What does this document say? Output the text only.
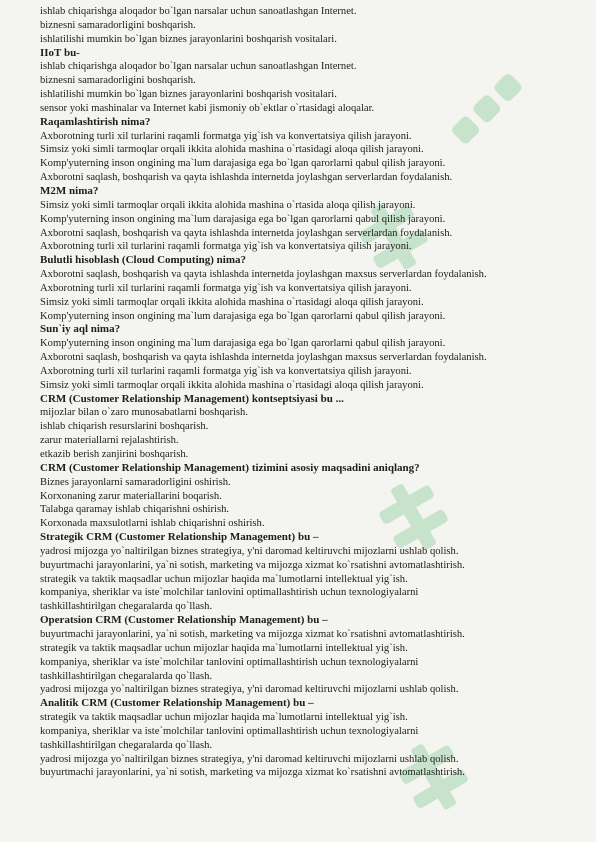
ishlab chiqarishga aloqador bo`lgan narsalar uchun sanoatlashgan Internet.
biznesni samaradorligini boshqarish.
ishlatilishi mumkin bo`lgan biznes jarayonlarini boshqarish vositalari.
IIoT bu-
ishlab chiqarishga aloqador bo`lgan narsalar uchun sanoatlashgan Internet.
biznesni samaradorligini boshqarish.
ishlatilishi mumkin bo`lgan biznes jarayonlarini boshqarish vositalari.
sensor yoki mashinalar va Internet kabi jismoniy ob`ektlar o`rtasidagi aloqalar.
Raqamlashtirish nima?
Axborotning turli xil turlarini raqamli formatga yig`ish va konvertatsiya qilish jarayoni.
Simsiz yoki simli tarmoqlar orqali ikkita alohida mashina o`rtasidagi aloqa qilish jarayoni.
Komp'yuterning inson ongining ma`lum darajasiga ega bo`lgan qarorlarni qabul qilish jarayoni.
Axborotni saqlash, boshqarish va qayta ishlashda internetda joylashgan serverlardan foydalanish.
M2M nima?
Simsiz yoki simli tarmoqlar orqali ikkita alohida mashina o`rtasida aloqa qilish jarayoni.
Komp'yuterning inson ongining ma`lum darajasiga ega bo`lgan qarorlarni qabul qilish jarayoni.
Axborotni saqlash, boshqarish va qayta ishlashda internetda joylashgan serverlardan foydalanish.
Axborotning turli xil turlarini raqamli formatga yig`ish va konvertatsiya qilish jarayoni.
Bulutli hisoblash (Cloud Computing) nima?
Axborotni saqlash, boshqarish va qayta ishlashda internetda joylashgan maxsus serverlardan foydalanish.
Axborotning turli xil turlarini raqamli formatga yig`ish va konvertatsiya qilish jarayoni.
Simsiz yoki simli tarmoqlar orqali ikkita alohida mashina o`rtasidagi aloqa qilish jarayoni.
Komp'yuterning inson ongining ma`lum darajasiga ega bo`lgan qarorlarni qabul qilish jarayoni.
Sun`iy aql nima?
Komp'yuterning inson ongining ma`lum darajasiga ega bo`lgan qarorlarni qabul qilish jarayoni.
Axborotni saqlash, boshqarish va qayta ishlashda internetda joylashgan maxsus serverlardan foydalanish.
Axborotning turli xil turlarini raqamli formatga yig`ish va konvertatsiya qilish jarayoni.
Simsiz yoki simli tarmoqlar orqali ikkita alohida mashina o`rtasidagi aloqa qilish jarayoni.
CRM (Customer Relationship Management) kontseptsiyasi bu ...
mijozlar bilan o`zaro munosabatlarni boshqarish.
ishlab chiqarish resurslarini boshqarish.
zarur materiallarni rejalashtirish.
etkazib berish zanjirini boshqarish.
CRM (Customer Relationship Management) tizimini asosiy maqsadini aniqlang?
Biznes jarayonlarni samaradorligini oshirish.
Korxonaning zarur materiallarini boqarish.
Talabga qaramay ishlab chiqarishni oshirish.
Korxonada maxsulotlarni ishlab chiqarishni oshirish.
Strategik CRM (Customer Relationship Management) bu –
yadrosi mijozga yo`naltirilgan biznes strategiya, y'ni daromad keltiruvchi mijozlarni ushlab qolish.
buyurtmachi jarayonlarini, ya`ni sotish, marketing va mijozga xizmat ko`rsatishni avtomatlashtirish.
strategik va taktik maqsadlar uchun mijozlar haqida ma`lumotlarni intellektual yig`ish.
kompaniya, sheriklar va iste`molchilar tanlovini optimallashtirish uchun texnologiyalarni
tashkillashtirilgan chegaralarda qo`llash.
Operatsion CRM (Customer Relationship Management) bu –
buyurtmachi jarayonlarini, ya`ni sotish, marketing va mijozga xizmat ko`rsatishni avtomatlashtirish.
strategik va taktik maqsadlar uchun mijozlar haqida ma`lumotlarni intellektual yig`ish.
kompaniya, sheriklar va iste`molchilar tanlovini optimallashtirish uchun texnologiyalarni
tashkillashtirilgan chegaralarda qo`llash.
yadrosi mijozga yo`naltirilgan biznes strategiya, y'ni daromad keltiruvchi mijozlarni ushlab qolish.
Analitik CRM (Customer Relationship Management) bu –
strategik va taktik maqsadlar uchun mijozlar haqida ma`lumotlarni intellektual yig`ish.
kompaniya, sheriklar va iste`molchilar tanlovini optimallashtirish uchun texnologiyalarni
tashkillashtirilgan chegaralarda qo`llash.
yadrosi mijozga yo`naltirilgan biznes strategiya, y'ni daromad keltiruvchi mijozlarni ushlab qolish.
buyurtmachi jarayonlarini, ya`ni sotish, marketing va mijozga xizmat ko`rsatishni avtomatlashtirish.
